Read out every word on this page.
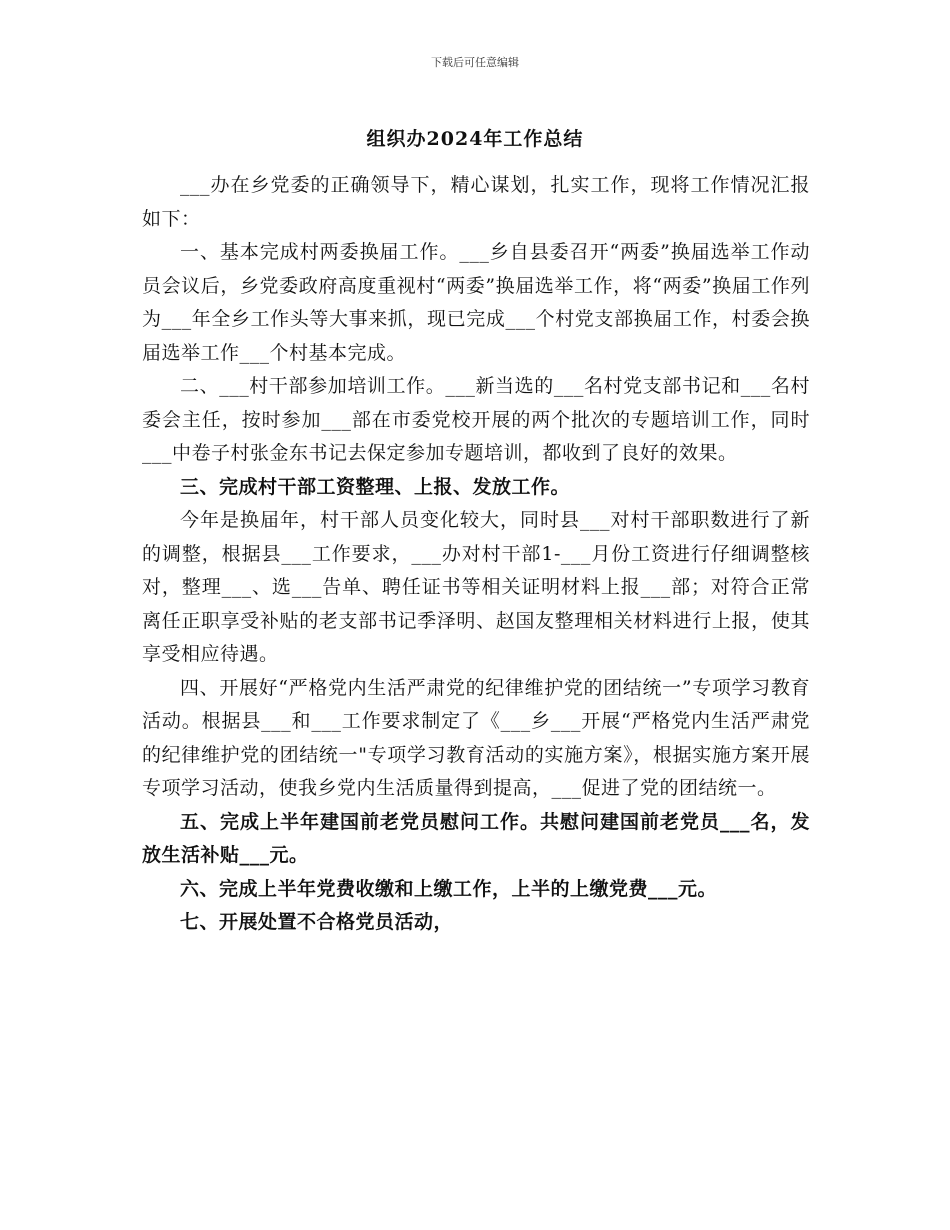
下载后可任意编辑
组织办2024年工作总结

___办在乡党委的正确领导下，精心谋划，扎实工作，现将工作情况汇报如下：

一、基本完成村两委换届工作。___乡自县委召开“两委”换届选举工作动员会议后，乡党委政府高度重视村“两委”换届选举工作，将“两委”换届工作列为___年全乡工作头等大事来抓，现已完成___个村党支部换届工作，村委会换届选举工作___个村基本完成。

二、___村干部参加培训工作。___新当选的___名村党支部书记和___名村委会主任，按时参加___部在市委党校开展的两个批次的专题培训工作，同时___中卷子村张金东书记去保定参加专题培训，都收到了良好的效果。

三、完成村干部工资整理、上报、发放工作。

今年是换届年，村干部人员变化较大，同时县___对村干部职数进行了新的调整，根据县___工作要求，___办对村干部1-___月份工资进行仔细调整核对，整理___、选___告单、聘任证书等相关证明材料上报___部；对符合正常离任正职享受补贴的老支部书记季泽明、赵国友整理相关材料进行上报，使其享受相应待遇。

四、开展好“严格党内生活严肃党的纪律维护党的团结统一”专项学习教育活动。根据县___和___工作要求制定了《___乡___开展“严格党内生活严肃党的纪律维护党的团结统一"专项学习教育活动的实施方案》，根据实施方案开展专项学习活动，使我乡党内生活质量得到提高，___促进了党的团结统一。

五、完成上半年建国前老党员慰问工作。共慰问建国前老党员___名，发放生活补贴___元。

六、完成上半年党费收缴和上缴工作，上半的上缴党费___元。

七、开展处置不合格党员活动，
